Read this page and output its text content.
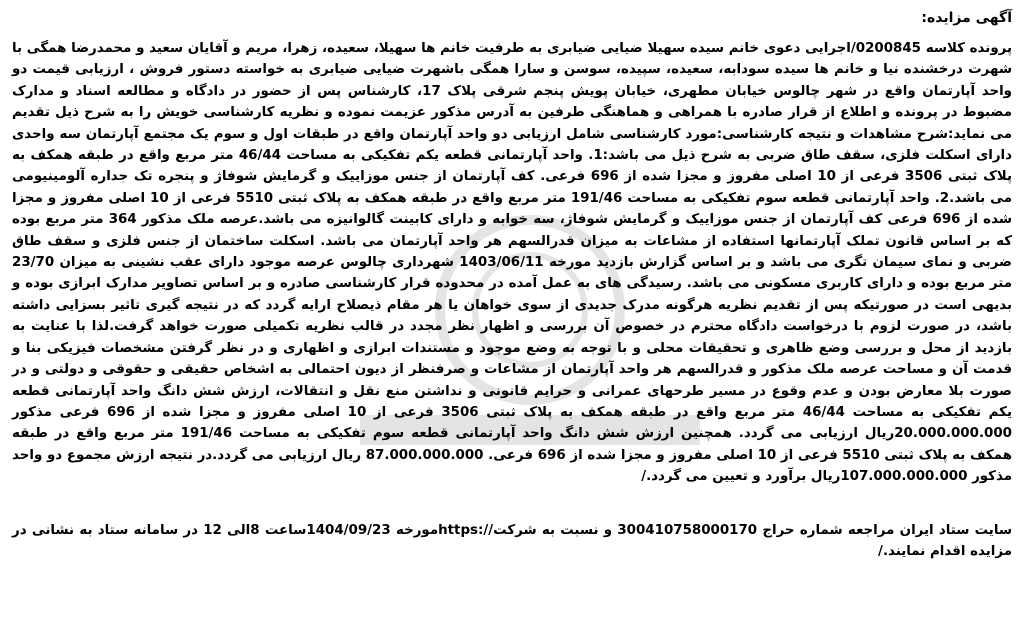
آگهی مزایده:

پرونده کلاسه 0200845/اجرایی دعوی خانم سیده سهیلا ضیایی ضیابری به طرفیت خانم ها سهیلا، سعیده، زهرا، مریم و آقایان سعید و محمدرضا همگی با شهرت درخشنده نیا و خانم ها سیده سودابه، سعیده، سپیده، سوسن و سارا همگی باشهرت ضیایی ضیابری به خواسته دستور فروش ، ارزیابی قیمت دو واحد آپارتمان واقع در شهر چالوس خیابان مطهری، خیابان پویش پنجم شرقی پلاک 17، کارشناس پس از حضور در دادگاه و مطالعه اسناد و مدارک مضبوط در پرونده و اطلاع از قرار صادره با همراهی و هماهنگی طرفین به آدرس مذکور عزیمت نموده و نظریه کارشناسی خویش را به شرح ذیل تقدیم می نماید:شرح مشاهدات و نتیجه کارشناسی:مورد کارشناسی شامل ارزیابی دو واحد آپارتمان واقع در طبقات اول و سوم یک مجتمع آپارتمان سه واحدی دارای اسکلت فلزی، سقف طاق ضربی به شرح ذیل می باشد:1. واحد آپارتمانی قطعه یکم تفکیکی به مساحت 46/44 متر مربع واقع در طبقه همکف به پلاک ثبتی 3506 فرعی از 10 اصلی مفروز و مجزا شده از 696 فرعی. کف آپارتمان از جنس موزاییک و گرمایش شوفاژ و پنجره تک جداره آلومینیومی می باشد.2. واحد آپارتمانی قطعه سوم تفکیکی به مساحت 191/46 متر مربع واقع در طبقه همکف به پلاک ثبتی 5510 فرعی از 10 اصلی مفروز و مجزا شده از 696 فرعی کف آپارتمان از جنس موزاییک و گرمایش شوفاژ، سه خوابه و دارای کابینت گالوانیزه می باشد.عرصه ملک مذکور 364 متر مربع بوده که بر اساس قانون تملک آپارتمانها استفاده از مشاعات به میزان قدرالسهم هر واحد آپارتمان می باشد. اسکلت ساختمان از جنس فلزی و سقف طاق ضربی و نمای سیمان تگری می باشد و بر اساس گزارش بازدید مورخه 1403/06/11 شهرداری چالوس عرصه موجود دارای عقب نشینی به میزان 23/70 متر مربع بوده و دارای کاربری مسکونی می باشد. رسیدگی های به عمل آمده در محدوده قرار کارشناسی صادره و بر اساس تصاویر مدارک ابرازی بوده و بدیهی است در صورتیکه پس از تقدیم نظریه هرگونه مدرک جدیدی از سوی خواهان یا هر مقام ذیصلاح ارایه گردد که در نتیجه گیری تاثیر بسزایی داشته باشد، در صورت لزوم با درخواست دادگاه محترم در خصوص آن بررسی و اظهار نظر مجدد در قالب نظریه تکمیلی صورت خواهد گرفت.لذا با عنایت به بازدید از محل و بررسی وضع ظاهری و تحقیقات محلی و با توجه به وضع موجود و مستندات ابرازی و اظهاری و در نظر گرفتن مشخصات فیزیکی بنا و قدمت آن و مساحت عرصه ملک مذکور و قدرالسهم هر واحد آپارتمان از مشاعات و صرفنظر از دیون احتمالی به اشخاص حقیقی و حقوقی و دولتی و در صورت بلا معارض بودن و عدم وقوع در مسیر طرحهای عمرانی و حرایم قانونی و نداشتن منع نقل و انتقالات، ارزش شش دانگ واحد آپارتمانی قطعه یکم تفکیکی به مساحت 46/44 متر مربع واقع در طبقه همکف به پلاک ثبتی 3506 فرعی از 10 اصلی مفروز و مجزا شده از 696 فرعی مذکور 20.000.000.000ریال ارزیابی می گردد. همچنین ارزش شش دانگ واحد آپارتمانی قطعه سوم تفکیکی به مساحت 191/46 متر مربع واقع در طبقه همکف به پلاک ثبتی 5510 فرعی از 10 اصلی مفروز و مجزا شده از 696 فرعی. 87.000.000.000 ریال ارزیابی می گردد.در نتیجه ارزش مجموع دو واحد مذکور 107.000.000.000ریال برآورد و تعیین می گردد./

سایت ستاد ایران مراجعه شماره حراج 300410758000170 و نسبت به شرکت//:httpsمورخه 1404/09/23ساعت 8الی 12 در سامانه ستاد به نشانی در مزایده اقدام نمایند./
